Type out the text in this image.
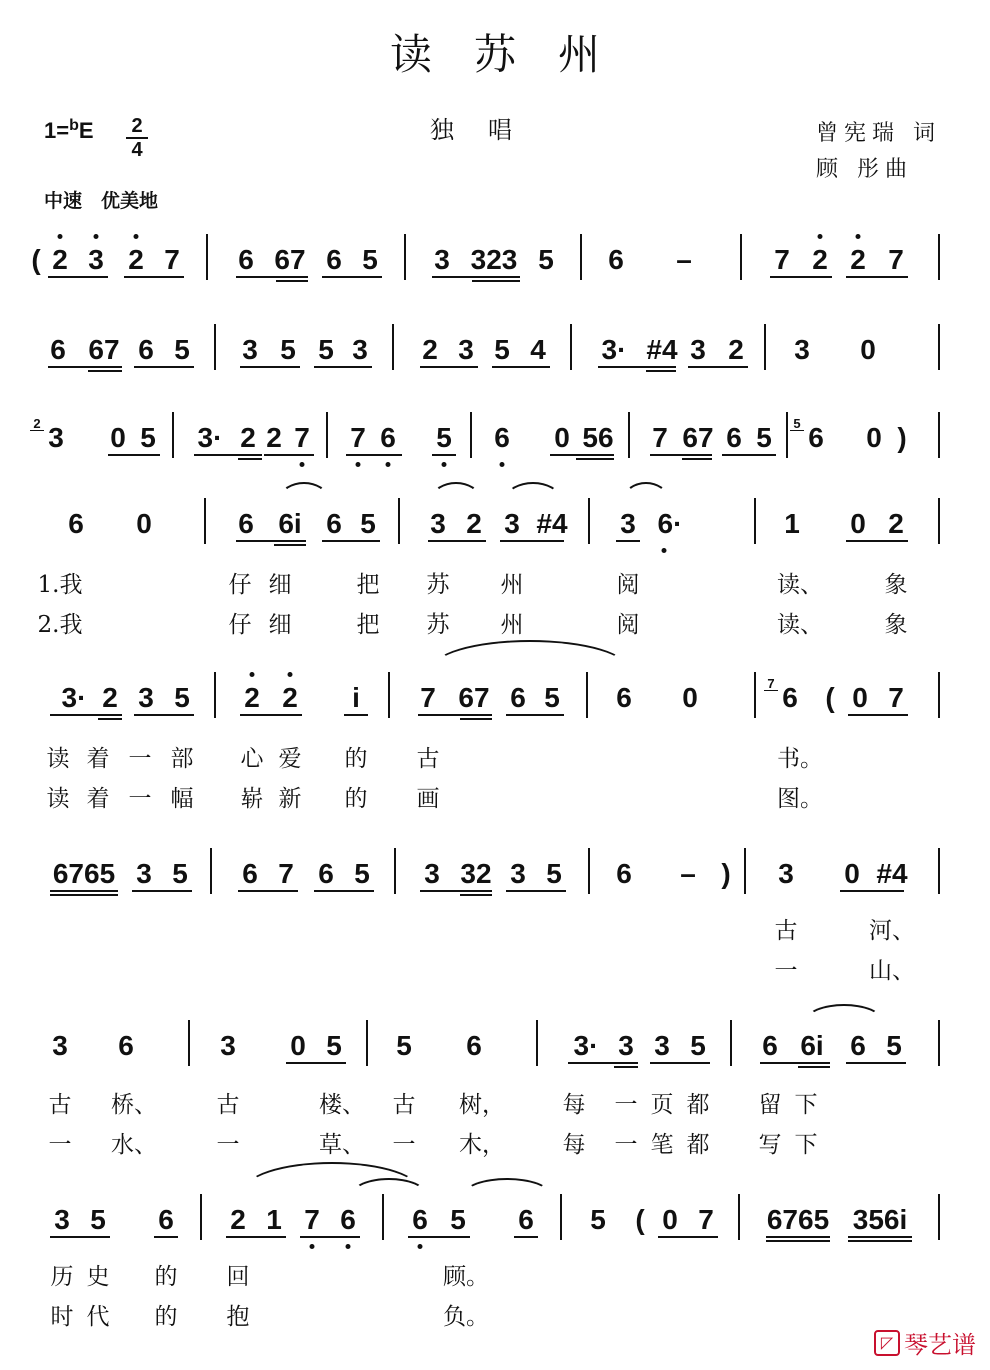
读苏州
1=$^b$E 2
4
独唱	曾宪瑞 词
顾 彤曲
中速　优美地
( 2 3 2 7 6 67 6 5 3 323 5 6 –	7 2 2 7
6 67 6 5 3 5 5 3 2 3 5 4 3· #4 3 2 3 0
2 3 0 5 3· 2 2 7 7 6 5 6 0 56 7 67 6 5 5 6 0 )
6 0	6 6i 6 5 3 2 3 #4 3 6·	1 0 2
1.我	仔 细	把 苏 州	阅	读、	象
2.我	仔 细	把 苏 州	阅	读、	象
3· 2 3 5 2 2 i 7 67 6 5 6 0	7 6 ( 0 7
读 着 一 部 心 爱 的 古	书。
读 着 一 幅 崭 新 的 画	图。
6765 3 5 6 7 6 5 3 32 3 5 6 – ) 3 0 #4
古	河、
一	山、
3 6	3 0 5 5 6	3· 3 3 5 6 6i 6 5
古 桥、	古	楼、 古 树，	每 一 页 都 留 下
一 水、	一	草、 一 木，	每 一 笔 都 写 下
3 5 6 2 1 7 6 6 5 6 5 ( 0 7 6765 356i
历 史 的 回	顾。
时 代 的 抱	负。
◸ 琴艺谱
